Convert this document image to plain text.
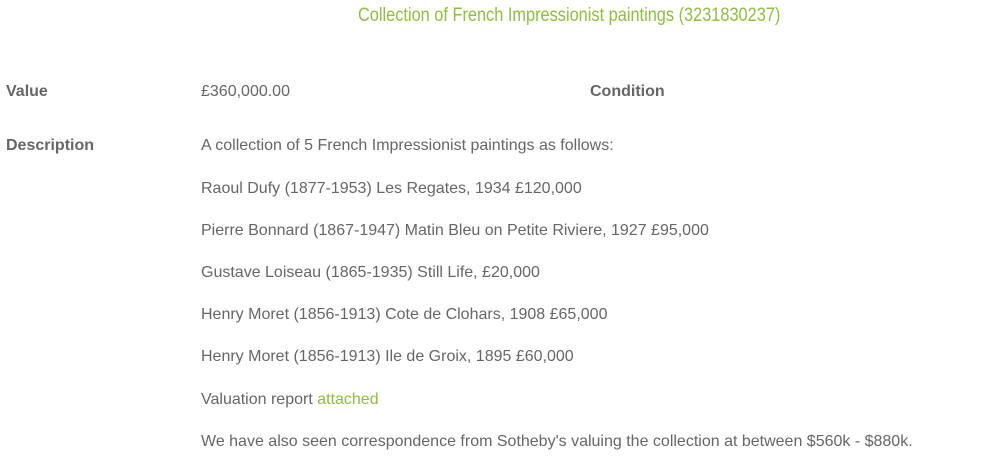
Collection of French Impressionist paintings (3231830237)
Value	£360,000.00	Condition
Description	A collection of 5 French Impressionist paintings as follows:
Raoul Dufy (1877-1953) Les Regates, 1934 £120,000
Pierre Bonnard (1867-1947) Matin Bleu on Petite Riviere, 1927 £95,000
Gustave Loiseau (1865-1935) Still Life, £20,000
Henry Moret (1856-1913) Cote de Clohars, 1908 £65,000
Henry Moret (1856-1913) Ile de Groix, 1895 £60,000
Valuation report attached
We have also seen correspondence from Sotheby's valuing the collection at between $560k - $880k.
